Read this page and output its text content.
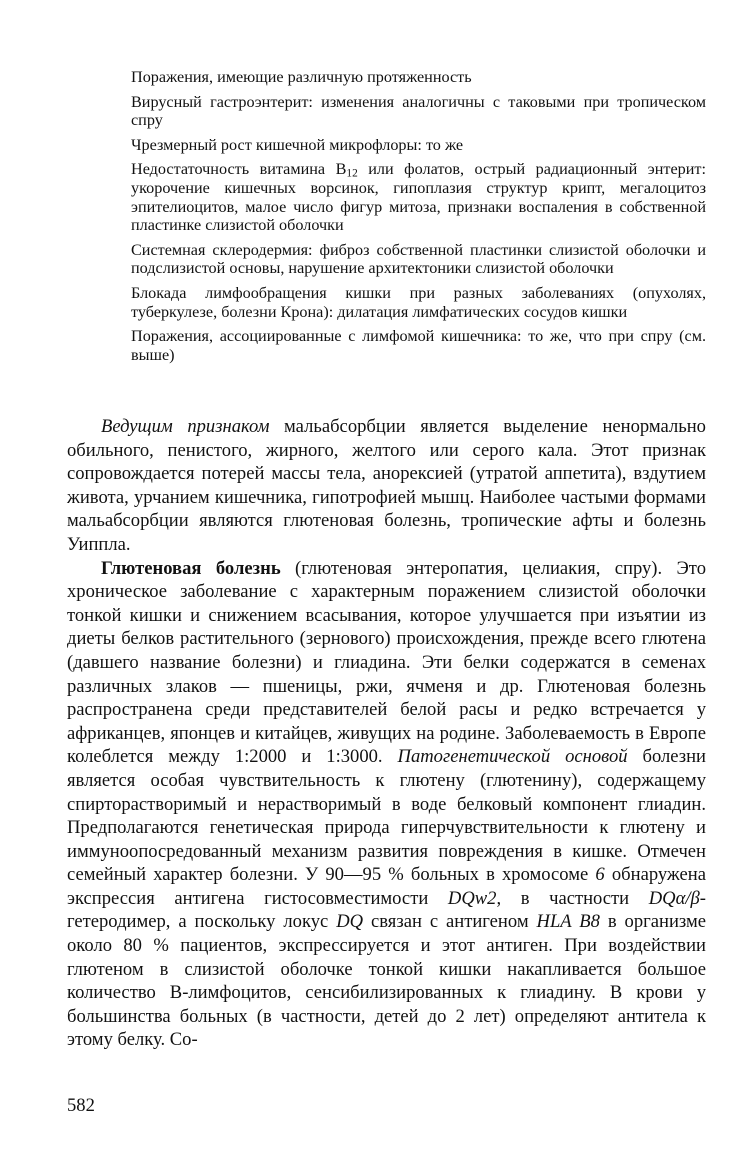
Поражения, имеющие различную протяженность

Вирусный гастроэнтерит: изменения аналогичны с таковыми при тропическом спру

Чрезмерный рост кишечной микрофлоры: то же

Недостаточность витамина $B_{12}$ или фолатов, острый радиационный энтерит: укорочение кишечных ворсинок, гипоплазия структур крипт, мегалоцитоз эпителиоцитов, малое число фигур митоза, признаки воспаления в собственной пластинке слизистой оболочки

Системная склеродермия: фиброз собственной пластинки слизистой оболочки и подслизистой основы, нарушение архитектоники слизистой оболочки

Блокада лимфообращения кишки при разных заболеваниях (опухолях, туберкулезе, болезни Крона): дилатация лимфатических сосудов кишки

Поражения, ассоциированные с лимфомой кишечника: то же, что при спру (см. выше)

Ведущим признаком мальабсорбции является выделение ненормально обильного, пенистого, жирного, желтого или серого кала. Этот признак сопровождается потерей массы тела, анорексией (утратой аппетита), вздутием живота, урчанием кишечника, гипотрофией мышц. Наиболее частыми формами мальабсорбции являются глютеновая болезнь, тропические афты и болезнь Уиппла.

Глютеновая болезнь (глютеновая энтеропатия, целиакия, спру). Это хроническое заболевание с характерным поражением слизистой оболочки тонкой кишки и снижением всасывания, которое улучшается при изъятии из диеты белков растительного (зернового) происхождения, прежде всего глютена (давшего название болезни) и глиадина. Эти белки содержатся в семенах различных злаков — пшеницы, ржи, ячменя и др. Глютеновая болезнь распространена среди представителей белой расы и редко встречается у африканцев, японцев и китайцев, живущих на родине. Заболеваемость в Европе колеблется между 1:2000 и 1:3000. Патогенетической основой болезни является особая чувствительность к глютену (глютенину), содержащему спирторастворимый и нерастворимый в воде белковый компонент глиадин. Предполагаются генетическая природа гиперчувствительности к глютену и иммуноопосредованный механизм развития повреждения в кишке. Отмечен семейный характер болезни. У 90—95 % больных в хромосоме 6 обнаружена экспрессия антигена гистосовместимости DQw2, в частности DQα/β-гетеродимер, а поскольку локус DQ связан с антигеном HLA B8 в организме около 80 % пациентов, экспрессируется и этот антиген. При воздействии глютеном в слизистой оболочке тонкой кишки накапливается большое количество В-лимфоцитов, сенсибилизированных к глиадину. В крови у большинства больных (в частности, детей до 2 лет) определяют антитела к этому белку. Со-

582
